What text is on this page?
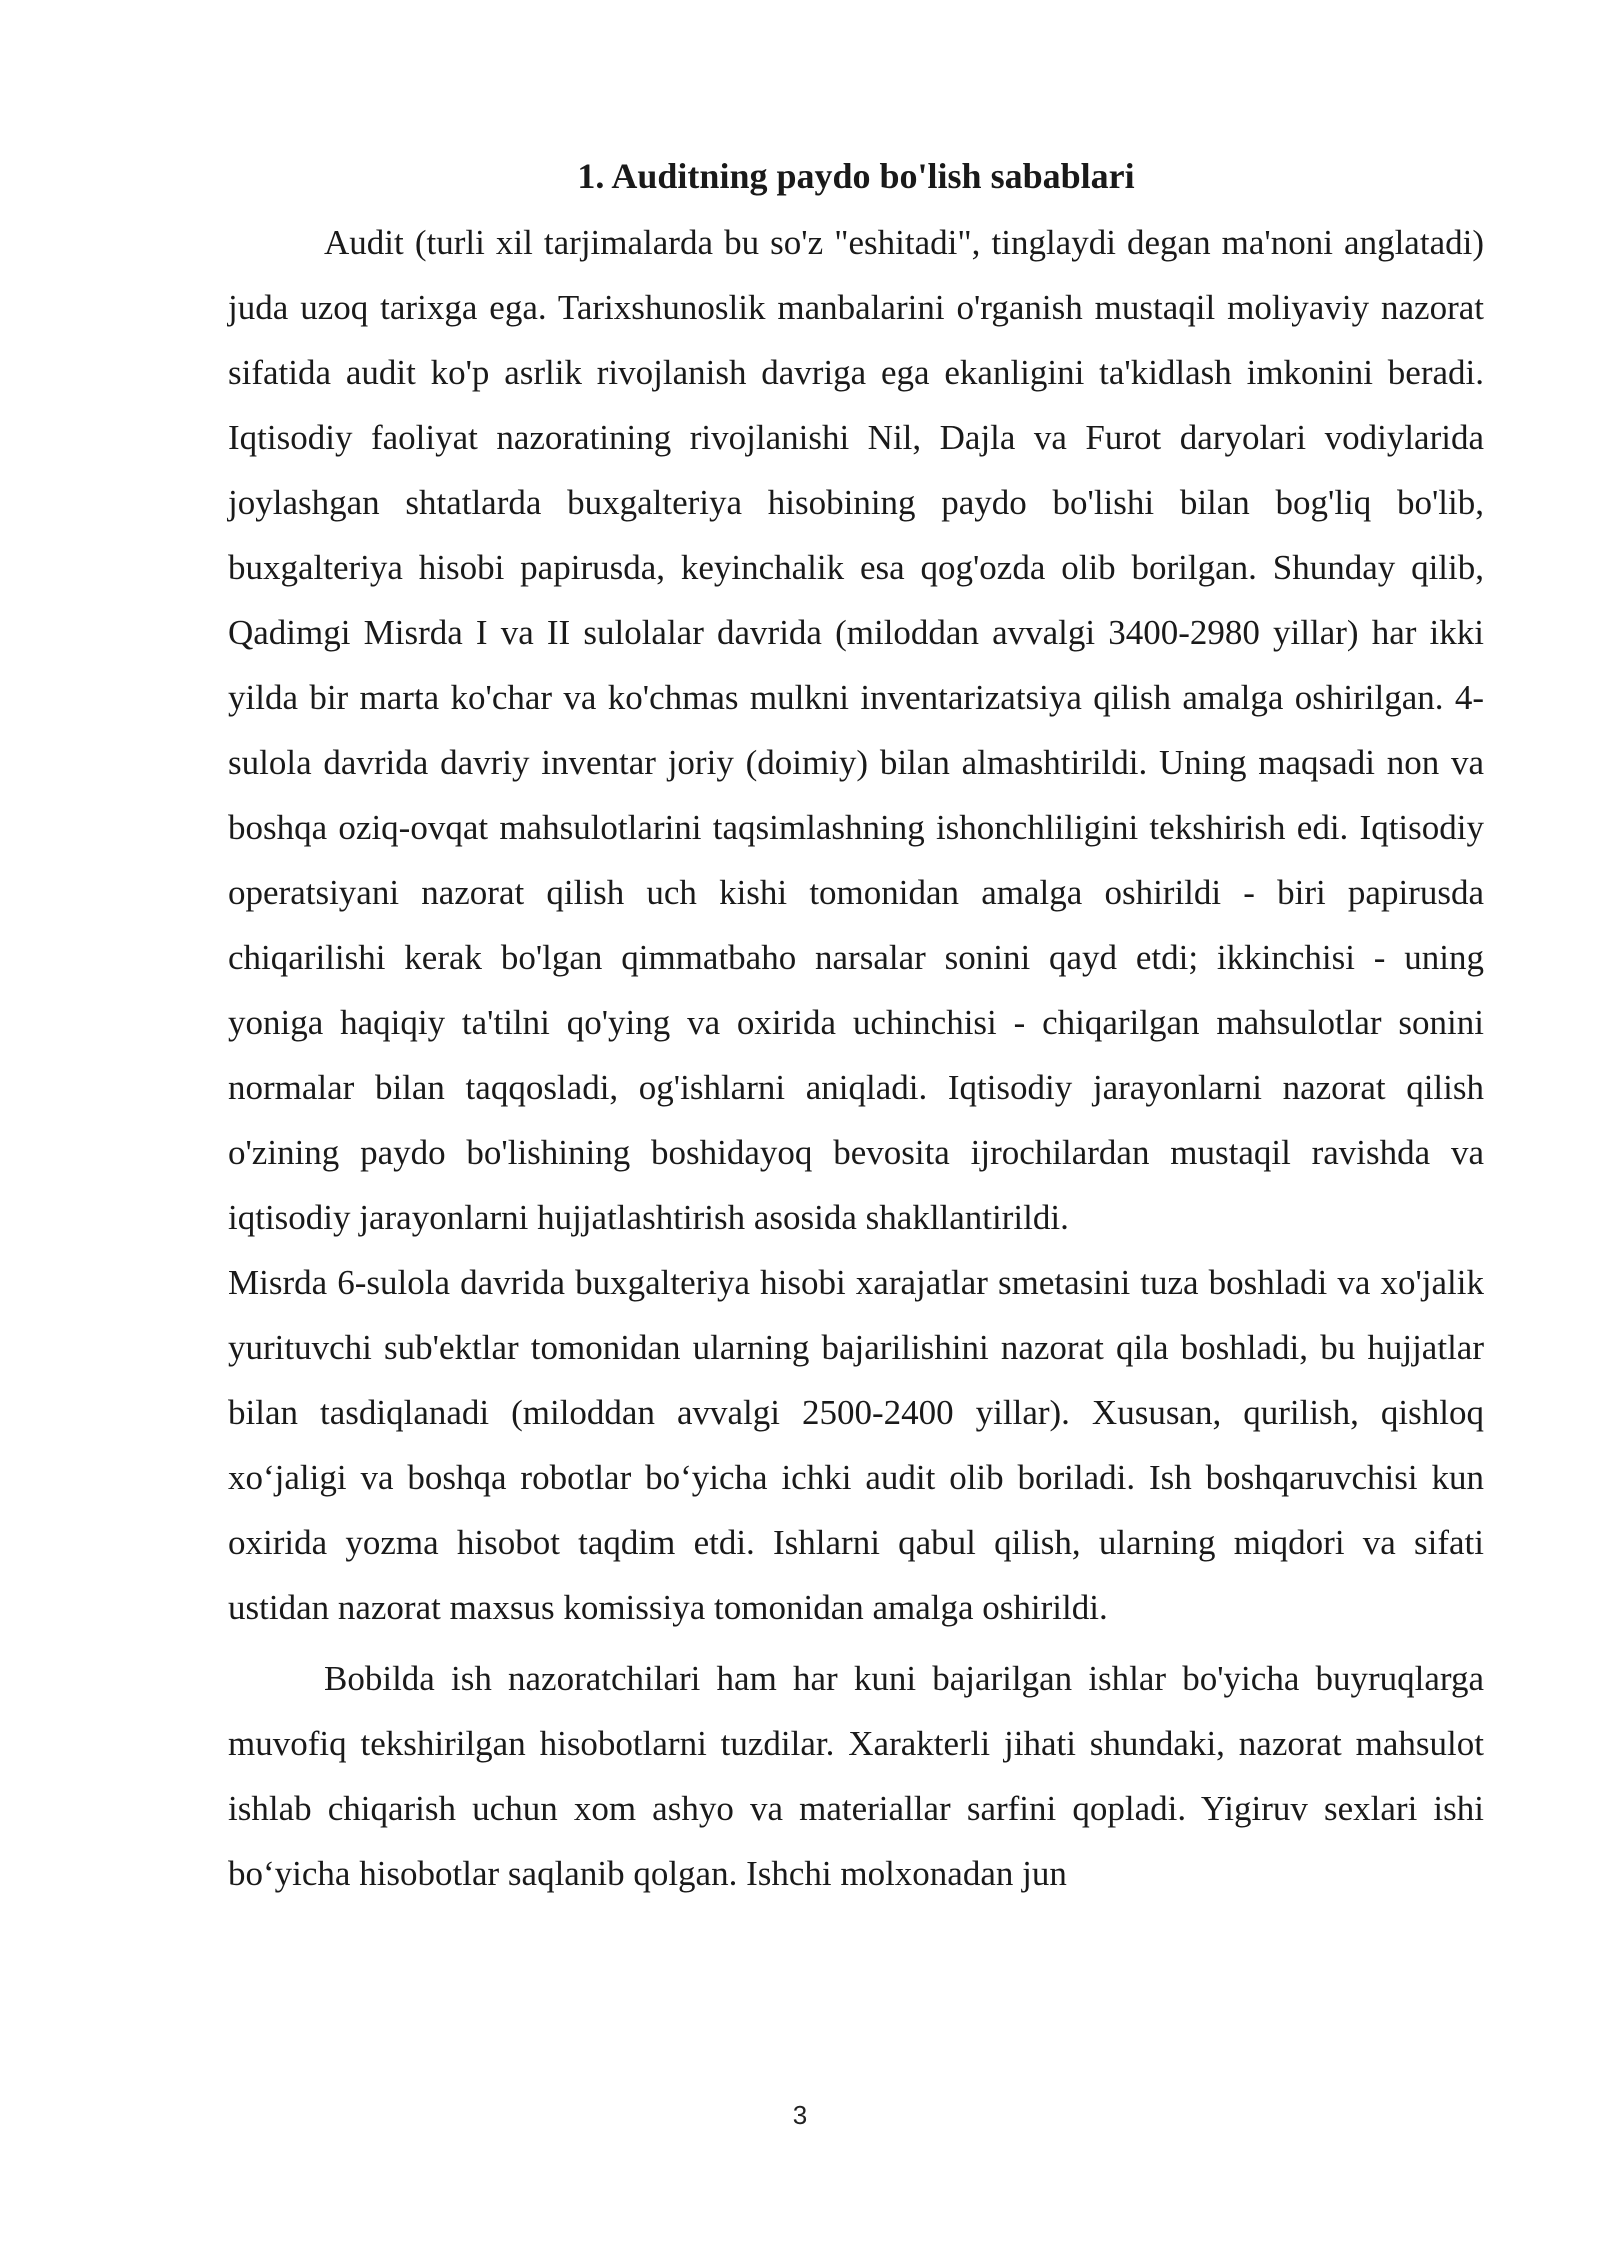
1. Auditning paydo bo'lish sabablari

Audit (turli xil tarjimalarda bu so'z "eshitadi", tinglaydi degan ma'noni anglatadi) juda uzoq tarixga ega. Tarixshunoslik manbalarini o'rganish mustaqil moliyaviy nazorat sifatida audit ko'p asrlik rivojlanish davriga ega ekanligini ta'kidlash imkonini beradi. Iqtisodiy faoliyat nazoratining rivojlanishi Nil, Dajla va Furot daryolari vodiylarida joylashgan shtatlarda buxgalteriya hisobining paydo bo'lishi bilan bog'liq bo'lib, buxgalteriya hisobi papirusda, keyinchalik esa qog'ozda olib borilgan. Shunday qilib, Qadimgi Misrda I va II sulolalar davrida (miloddan avvalgi 3400-2980 yillar) har ikki yilda bir marta ko'char va ko'chmas mulkni inventarizatsiya qilish amalga oshirilgan. 4-sulola davrida davriy inventar joriy (doimiy) bilan almashtirildi. Uning maqsadi non va boshqa oziq-ovqat mahsulotlarini taqsimlashning ishonchliligini tekshirish edi. Iqtisodiy operatsiyani nazorat qilish uch kishi tomonidan amalga oshirildi - biri papirusda chiqarilishi kerak bo'lgan qimmatbaho narsalar sonini qayd etdi; ikkinchisi - uning yoniga haqiqiy ta'tilni qo'ying va oxirida uchinchisi - chiqarilgan mahsulotlar sonini normalar bilan taqqosladi, og'ishlarni aniqladi. Iqtisodiy jarayonlarni nazorat qilish o'zining paydo bo'lishining boshidayoq bevosita ijrochilardan mustaqil ravishda va iqtisodiy jarayonlarni hujjatlashtirish asosida shakllantirildi.

Misrda 6-sulola davrida buxgalteriya hisobi xarajatlar smetasini tuza boshladi va xo'jalik yurituvchi sub'ektlar tomonidan ularning bajarilishini nazorat qila boshladi, bu hujjatlar bilan tasdiqlanadi (miloddan avvalgi 2500-2400 yillar). Xususan, qurilish, qishloq xo‘jaligi va boshqa robotlar bo‘yicha ichki audit olib boriladi. Ish boshqaruvchisi kun oxirida yozma hisobot taqdim etdi. Ishlarni qabul qilish, ularning miqdori va sifati ustidan nazorat maxsus komissiya tomonidan amalga oshirildi.

Bobilda ish nazoratchilari ham har kuni bajarilgan ishlar bo'yicha buyruqlarga muvofiq tekshirilgan hisobotlarni tuzdilar. Xarakterli jihati shundaki, nazorat mahsulot ishlab chiqarish uchun xom ashyo va materiallar sarfini qopladi. Yigiruv sexlari ishi bo‘yicha hisobotlar saqlanib qolgan. Ishchi molxonadan jun

3
